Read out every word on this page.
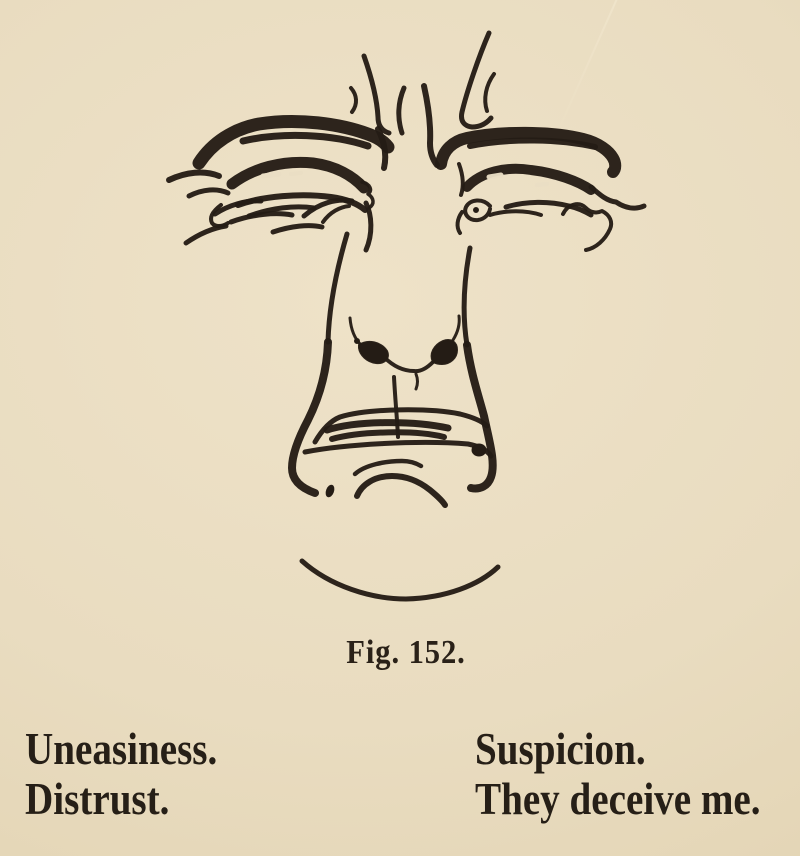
Fig. 152.
Uneasiness.
Distrust.
Suspicion.
They deceive me.
